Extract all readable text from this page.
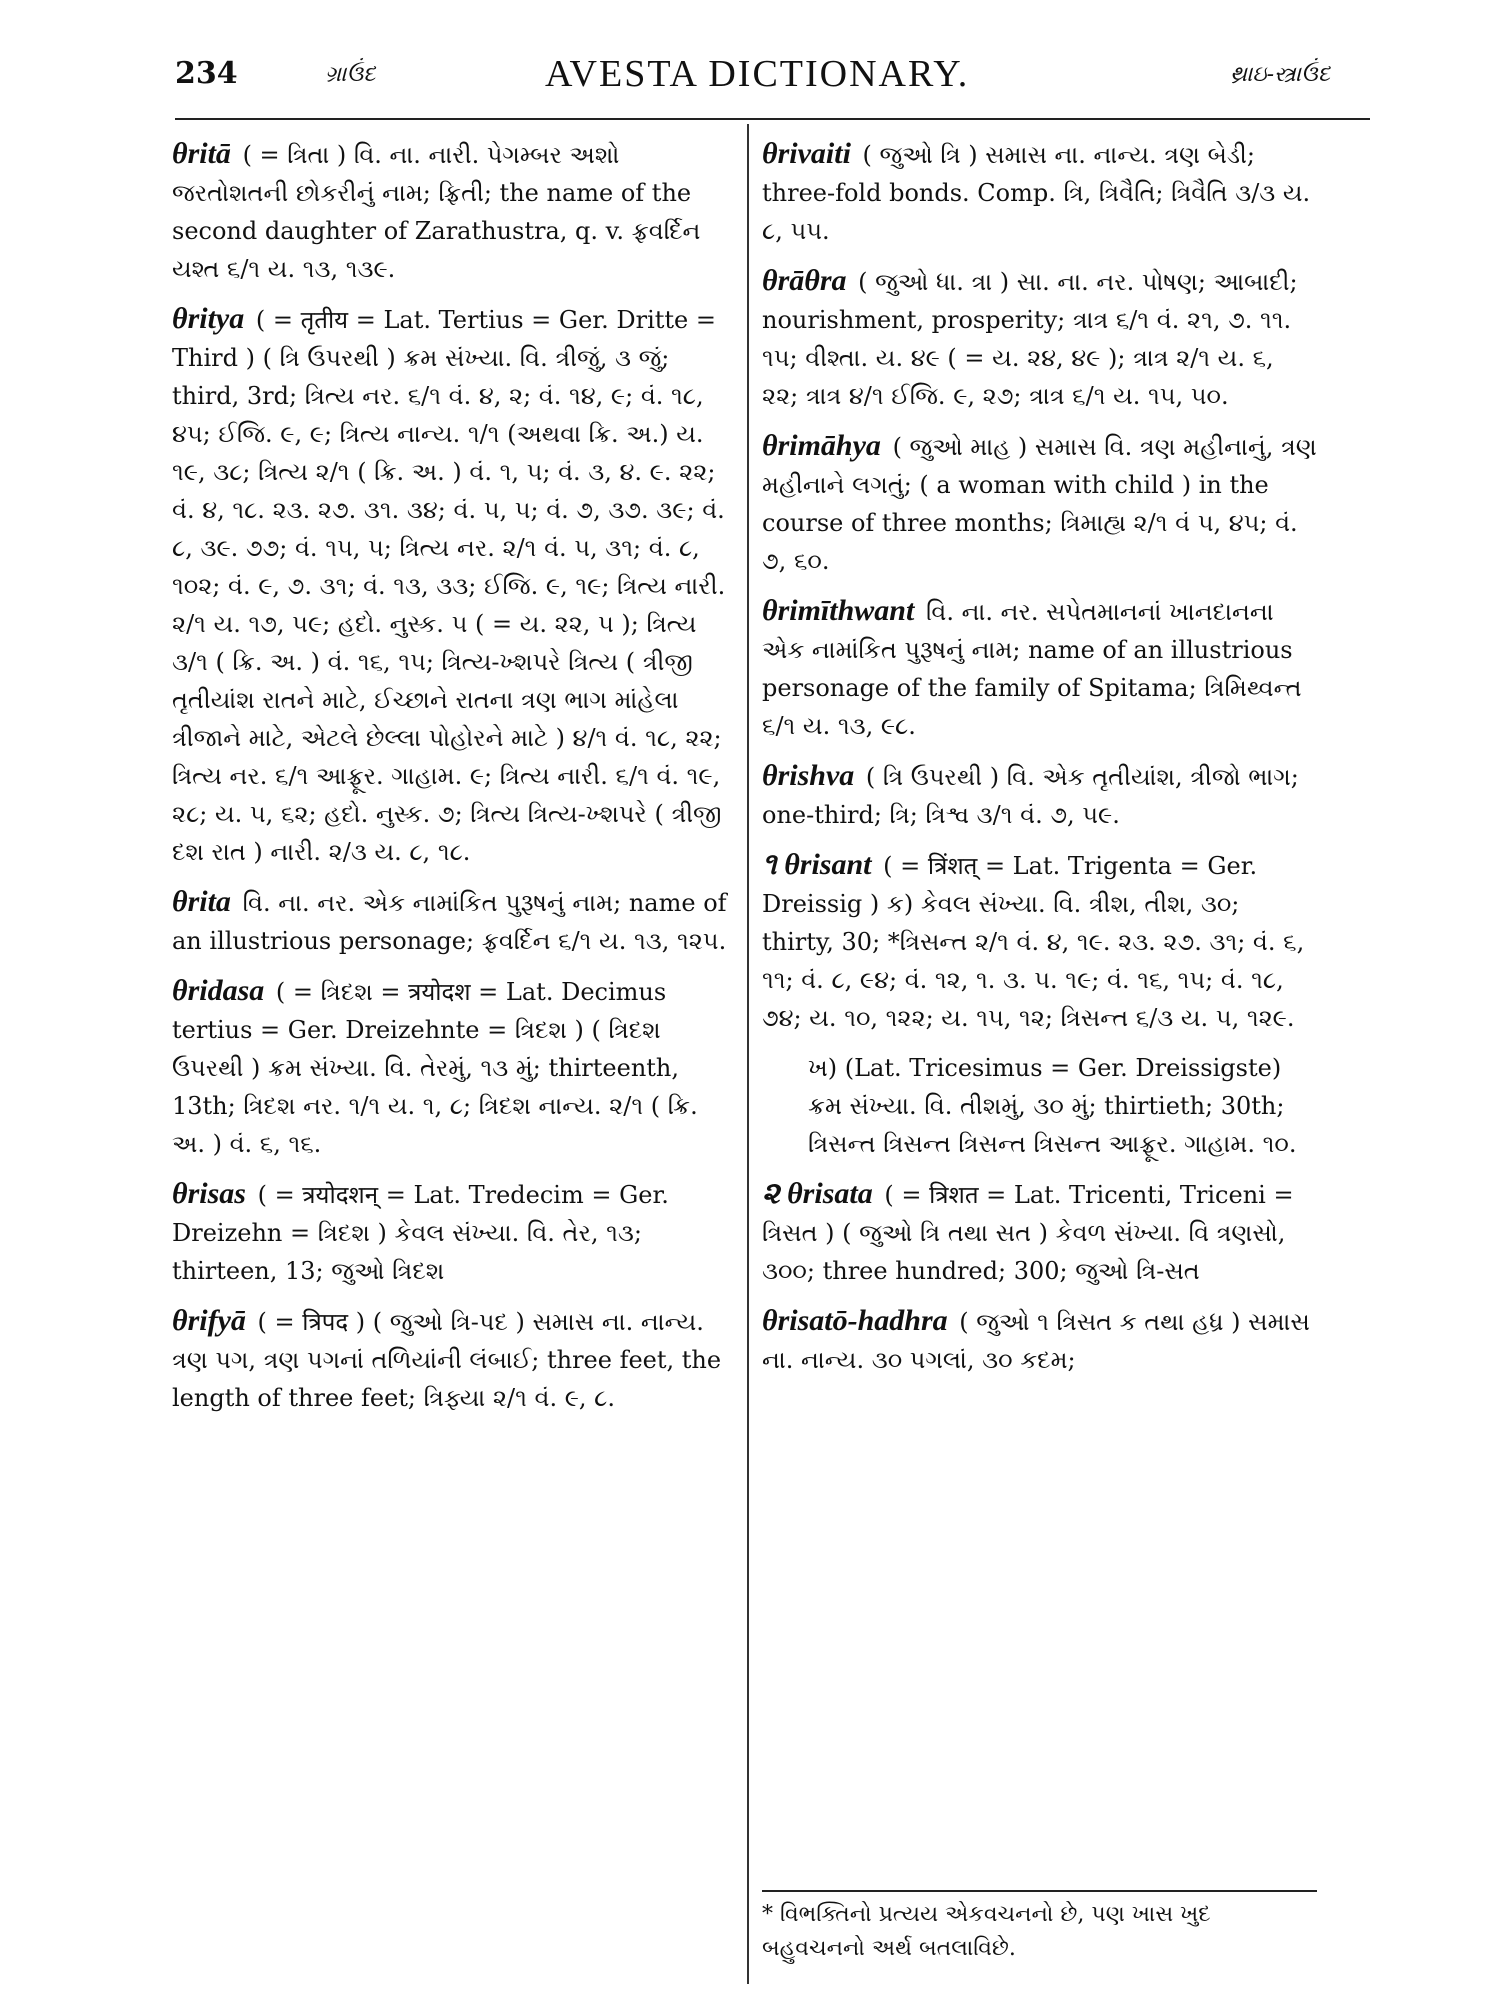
234	ગ્રાઉંદ	AVESTA DICTIONARY.	થ્રાઇ-સ્ત્રાઉંદ
θritā ( = ત્રિતા ) વિ. ના. નારી. પેગમ્બર અશો જરતોશતની છોકરીનું નામ; ફ્રિતી; the name of the second daughter of Zarathustra, q. v. ફ્રવર્દિન યશ્ત ૬/૧ ય. ૧૩, ૧૩૯.
θritya ( = तृतीय = Lat. Tertius = Ger. Dritte = Third ) ( ત્રિ ઉપરથી ) ક્રમ સંખ્યા. વિ. ત્રીજું, ૩ જું; third, 3rd; ત્રિત્ય નર. ૬/૧ વં. ૪, ૨; વં. ૧૪, ૯; વં. ૧૮, ૪૫; ઈજિ. ૯, ૯; ત્રિત્ય નાન્ય. ૧/૧ (અથવા ક્રિ. અ.) ય. ૧૯, ૩૮; ત્રિત્ય ૨/૧ ( ક્રિ. અ. ) વં. ૧, ૫; વં. ૩, ૪. ૯. ૨૨; વં. ૪, ૧૮. ૨૩. ૨૭. ૩૧. ૩૪; વં. ૫, ૫; વં. ૭, ૩૭. ૩૯; વં. ૮, ૩૯. ૭૭; વં. ૧૫, ૫; ત્રિત્ય નર. ૨/૧ વં. ૫, ૩૧; વં. ૮, ૧૦૨; વં. ૯, ૭. ૩૧; વં. ૧૩, ૩૩; ઈજિ. ૯, ૧૯; ત્રિત્ય નારી. ૨/૧ ય. ૧૭, ૫૯; હદો. નુસ્ક. ૫ ( = ય. ૨૨, ૫ ); ત્રિત્ય ૩/૧ ( ક્રિ. અ. ) વં. ૧૬, ૧૫; ત્રિત્ય-ખ્શપરે ત્રિત્ય ( ત્રીજી તૃતીયાંશ રાતને માટે, ઈચ્છાને રાતના ત્રણ ભાગ માંહેલા ત્રીજાને માટે, એટલે છેલ્લા પોહોરને માટે ) ૪/૧ વં. ૧૮, ૨૨; ત્રિત્ય નર. ૬/૧ આફ્રૂર. ગાહામ. ૯; ત્રિત્ય નારી. ૬/૧ વં. ૧૯, ૨૮; ય. ૫, ૬૨; હદો. નુસ્ક. ૭; ત્રિત્ય ત્રિત્ય-ખ્શપરે ( ત્રીજી દશ રાત ) નારી. ૨/૩ ય. ૮, ૧૮.
θrita વિ. ના. નર. એક નામાંકિત પુરૂષનું નામ; name of an illustrious personage; ફ્રવર્દિન ૬/૧ ય. ૧૩, ૧૨૫.
θridasa ( = ત્રિદશ = त्रयोदश = Lat. Decimus tertius = Ger. Dreizehnte = ત્રિદશ ) ( ત્રિદશ ઉપરથી ) ક્રમ સંખ્યા. વિ. તેરમું, ૧૩ મું; thirteenth, 13th; ત્રિદશ નર. ૧/૧ ય. ૧, ૮; ત્રિદશ નાન્ય. ૨/૧ ( ક્રિ. અ. ) વં. ૬, ૧૬.
θrisas ( = त्रयोदशन् = Lat. Tredecim = Ger. Dreizehn = ત્રિદશ ) કેવલ સંખ્યા. વિ. તેર, ૧૩; thirteen, 13; જુઓ ત્રિદશ
θrifyā ( = त्रिपद ) ( જુઓ ત્રિ-પદ ) સમાસ ના. નાન્ય. ત્રણ પગ, ત્રણ પગનાં તળિયાંની લંબાઈ; three feet, the length of three feet; ત્રિફ્યા ૨/૧ વં. ૯, ૮.
θrivaiti ( જુઓ ત્રિ ) સમાસ ના. નાન્ય. ત્રણ બેડી; three-fold bonds. Comp. ત્રિ, ત્રિવૈતિ; ત્રિવૈતિ ૩/૩ ય. ૮, ૫૫.
θrāθra ( જુઓ ધા. ત્રા ) સા. ના. નર. પોષણ; આબાદી; nourishment, prosperity; ત્રાત્ર ૬/૧ વં. ૨૧, ૭. ૧૧. ૧૫; વીશ્તા. ય. ૪૯ ( = ય. ૨૪, ૪૯ ); ત્રાત્ર ૨/૧ ય. ૬, ૨૨; ત્રાત્ર ૪/૧ ઈજિ. ૯, ૨૭; ત્રાત્ર ૬/૧ ય. ૧૫, ૫૦.
θrimāhya ( જુઓ માહ ) સમાસ વિ. ત્રણ મહીનાનું, ત્રણ મહીનાને લગતું; ( a woman with child ) in the course of three months; ત્રિમાહ્ય ૨/૧ વં ૫, ૪૫; વં. ૭, ૬૦.
θrimīthwant વિ. ના. નર. સપેતમાનનાં ખાનદાનના એક નામાંકિત પુરૂષનું નામ; name of an illustrious personage of the family of Spitama; ત્રિમિથ્વન્ત ૬/૧ ય. ૧૩, ૯૮.
θrishva ( ત્રિ ઉપરથી ) વિ. એક તૃતીયાંશ, ત્રીજો ભાગ; one-third; ત્રિ; ત્રિશ્વ ૩/૧ વં. ૭, ૫૯.
૧ θrisant ( = त्रिंशत् = Lat. Trigenta = Ger. Dreissig ) ક) કેવલ સંખ્યા. વિ. ત્રીશ, તીશ, ૩૦; thirty, 30; *ત્રિસન્ત ૨/૧ વં. ૪, ૧૯. ૨૩. ૨૭. ૩૧; વં. ૬, ૧૧; વં. ૮, ૯૪; વં. ૧૨, ૧. ૩. ૫. ૧૯; વં. ૧૬, ૧૫; વં. ૧૮, ૭૪; ય. ૧૦, ૧૨૨; ય. ૧૫, ૧૨; ત્રિસન્ત ૬/૩ ય. ૫, ૧૨૯.
ખ) (Lat. Tricesimus = Ger. Dreissigste) ક્રમ સંખ્યા. વિ. તીશમું, ૩૦ મું; thirtieth; 30th; ત્રિસન્ત ત્રિસન્ત ત્રિસન્ત ત્રિસન્ત આફ્રૂર. ગાહામ. ૧૦.
૨ θrisata ( = त्रिशत = Lat. Tricenti, Triceni = ત્રિસત ) ( જુઓ ત્રિ તથા સત ) કેવળ સંખ્યા. વિ ત્રણસો, ૩૦૦; three hundred; 300; જુઓ ત્રિ-સત
θrisatō-hadhra ( જુઓ ૧ ત્રિસત ક તથા હધ્ર ) સમાસ ના. નાન્ય. ૩૦ પગલાં, ૩૦ કદમ;
* વિભક્તિનો પ્રત્યય એકવચનનો છે, પણ ખાસ ખુદ બહુવચનનો અર્થ બતલાવિછે.
